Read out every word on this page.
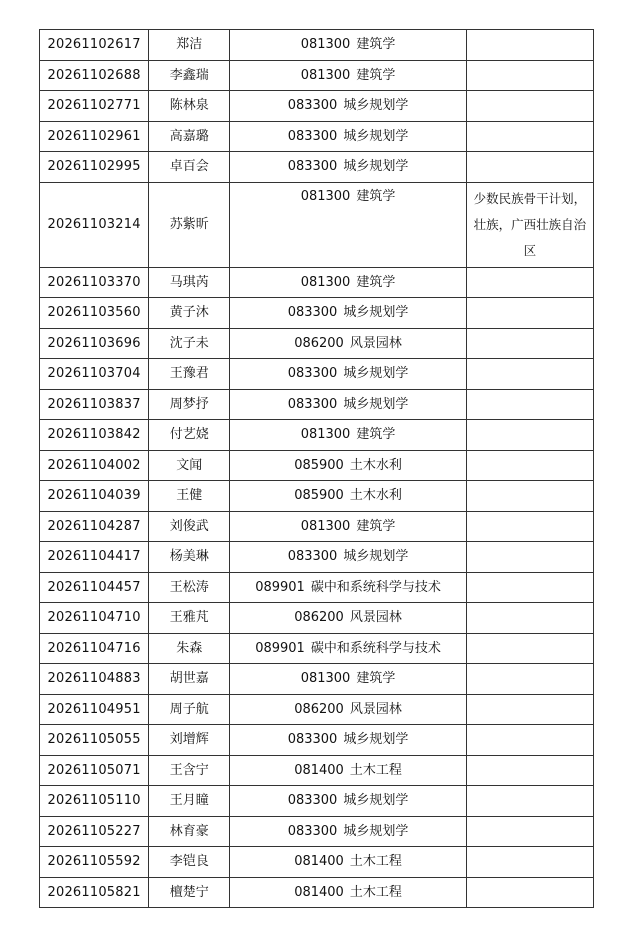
20261102617	郑洁	081300 建筑学	
20261102688	李鑫瑞	081300 建筑学	
20261102771	陈林泉	083300 城乡规划学	
20261102961	高嘉璐	083300 城乡规划学	
20261102995	卓百会	083300 城乡规划学	
20261103214	苏紫昕	081300 建筑学	少数民族骨干计划，壮族，广西壮族自治区
20261103370	马琪芮	081300 建筑学	
20261103560	黄子沐	083300 城乡规划学	
20261103696	沈子未	086200 风景园林	
20261103704	王豫君	083300 城乡规划学	
20261103837	周梦抒	083300 城乡规划学	
20261103842	付艺娆	081300 建筑学	
20261104002	文闻	085900 土木水利	
20261104039	王健	085900 土木水利	
20261104287	刘俊武	081300 建筑学	
20261104417	杨美琳	083300 城乡规划学	
20261104457	王松涛	089901 碳中和系统科学与技术	
20261104710	王雅芃	086200 风景园林	
20261104716	朱森	089901 碳中和系统科学与技术	
20261104883	胡世嘉	081300 建筑学	
20261104951	周子航	086200 风景园林	
20261105055	刘增辉	083300 城乡规划学	
20261105071	王含宁	081400 土木工程	
20261105110	王月瞳	083300 城乡规划学	
20261105227	林育豪	083300 城乡规划学	
20261105592	李铠良	081400 土木工程	
20261105821	檀楚宁	081400 土木工程	
